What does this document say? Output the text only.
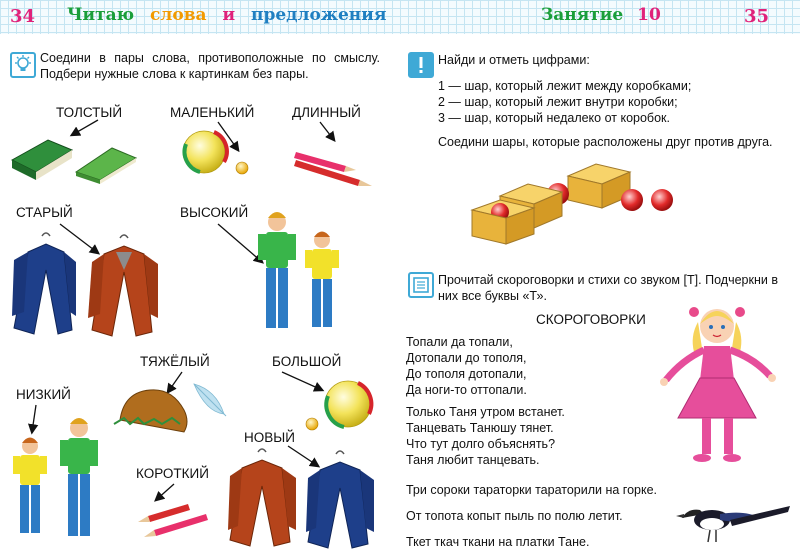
34 Читаю слова и предложения
Соедини в пары слова, противоположные по смыслу. Подбери нужные слова к картинкам без пары.
ТОЛСТЫЙ	МАЛЕНЬКИЙ	ДЛИННЫЙ
СТАРЫЙ	ВЫСОКИЙ
ТЯЖЁЛЫЙ	БОЛЬШОЙ
НИЗКИЙ
НОВЫЙ
КОРОТКИЙ
Занятие 10	35
Найди и отметь цифрами:
1 — шар, который лежит между коробками;
2 — шар, который лежит внутри коробки;
3 — шар, который недалеко от коробок.
Соедини шары, которые расположены друг против друга.
Прочитай скороговорки и стихи со звуком [Т]. Подчеркни в них все буквы «Т».
СКОРОГОВОРКИ
Топали да топали,
Дотопали до тополя,
До тополя дотопали,
Да ноги-то оттопали.
Только Таня утром встанет.
Танцевать Танюшу тянет.
Что тут долго объяснять?
Таня любит танцевать.
Три сороки тараторки тараторили на горке.
От топота копыт пыль по полю летит.
Ткет ткач ткани на платки Тане.
